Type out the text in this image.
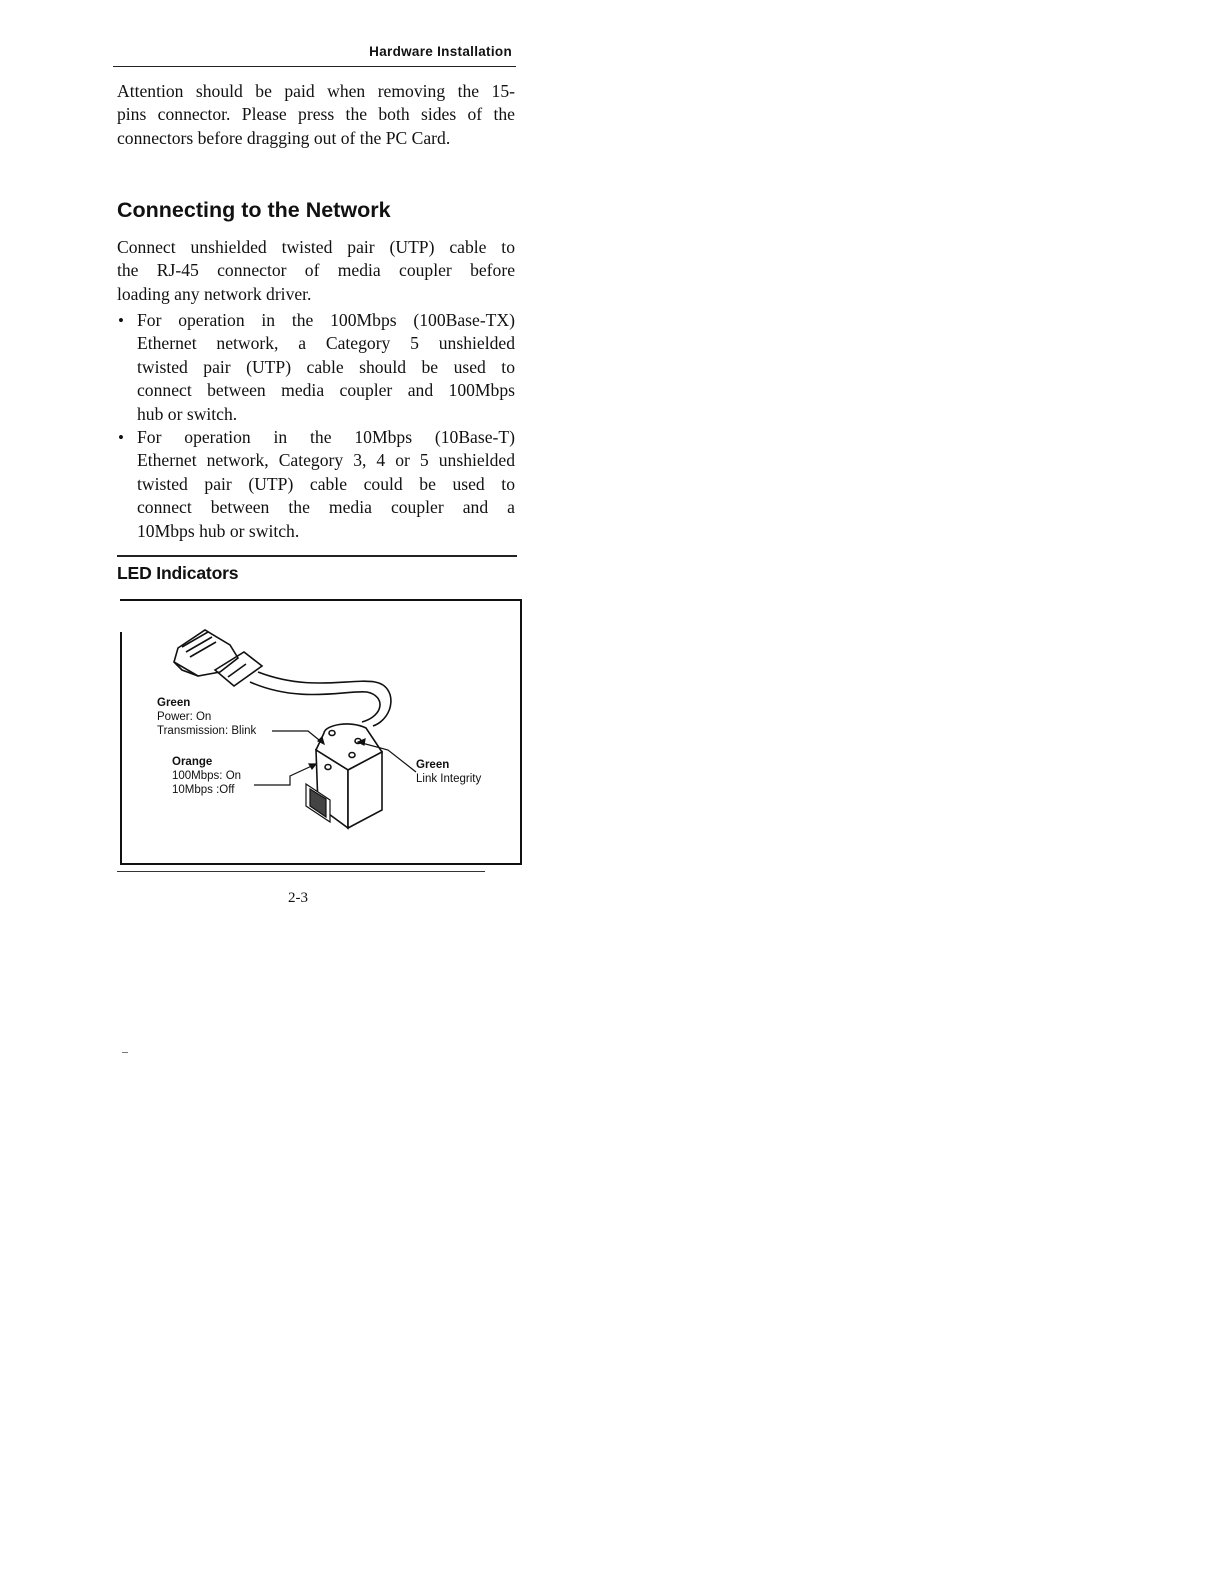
Hardware Installation
Attention should be paid when removing the 15-
pins connector. Please press the both sides of the
connectors before dragging out of the PC Card.
Connecting to the Network
Connect unshielded twisted pair (UTP) cable to
the RJ-45 connector of media coupler before
loading any network driver.
• For operation in the 100Mbps (100Base-TX)
Ethernet network, a Category 5 unshielded
twisted pair (UTP) cable should be used to
connect between media coupler and 100Mbps
hub or switch.
• For operation in the 10Mbps (10Base-T)
Ethernet network, Category 3, 4 or 5 unshielded
twisted pair (UTP) cable could be used to
connect between the media coupler and a
10Mbps hub or switch.
LED Indicators
Green
Power: On
Transmission: Blink
Orange
100Mbps: On
10Mbps :Off
Green
Link Integrity
2-3
